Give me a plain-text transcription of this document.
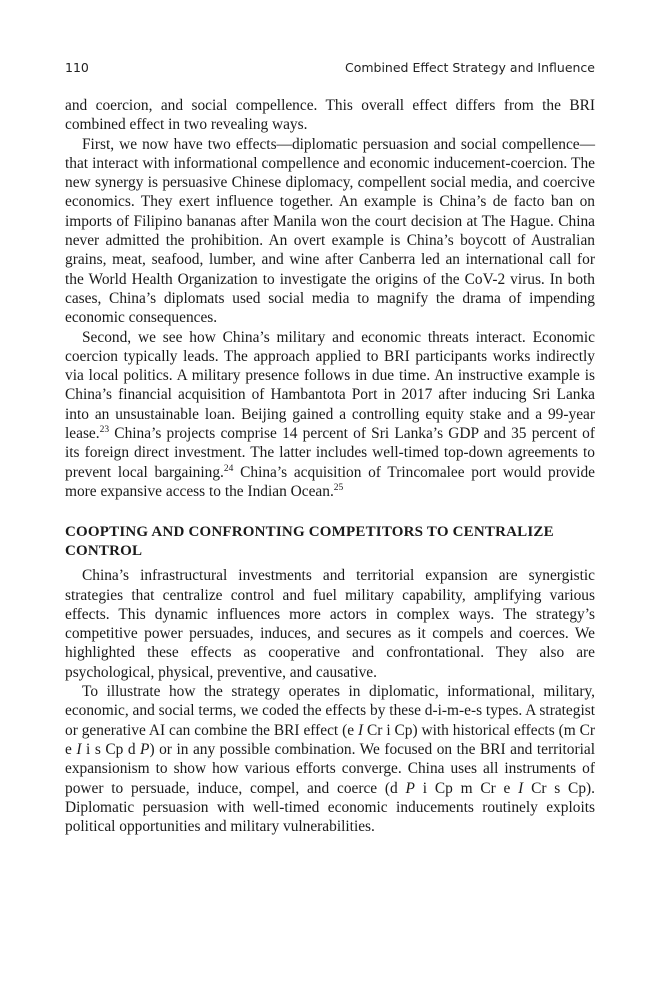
110	Combined Effect Strategy and Influence

and coercion, and social compellence. This overall effect differs from the BRI combined effect in two revealing ways.

First, we now have two effects—diplomatic persuasion and social compellence—that interact with informational compellence and economic inducement-coercion. The new synergy is persuasive Chinese diplomacy, compellent social media, and coercive economics. They exert influence together. An example is China’s de facto ban on imports of Filipino bananas after Manila won the court decision at The Hague. China never admitted the prohibition. An overt example is China’s boycott of Australian grains, meat, seafood, lumber, and wine after Canberra led an international call for the World Health Organization to investigate the origins of the CoV-2 virus. In both cases, China’s diplomats used social media to magnify the drama of impending economic consequences.

Second, we see how China’s military and economic threats interact. Economic coercion typically leads. The approach applied to BRI participants works indirectly via local politics. A military presence follows in due time. An instructive example is China’s financial acquisition of Hambantota Port in 2017 after inducing Sri Lanka into an unsustainable loan. Beijing gained a controlling equity stake and a 99-year lease.$^{23}$ China’s projects comprise 14 percent of Sri Lanka’s GDP and 35 percent of its foreign direct investment. The latter includes well-timed top-down agreements to prevent local bargaining.$^{24}$ China’s acquisition of Trincomalee port would provide more expansive access to the Indian Ocean.$^{25}$

COOPTING AND CONFRONTING COMPETITORS TO CENTRALIZE CONTROL

China’s infrastructural investments and territorial expansion are synergistic strategies that centralize control and fuel military capability, amplifying various effects. This dynamic influences more actors in complex ways. The strategy’s competitive power persuades, induces, and secures as it compels and coerces. We highlighted these effects as cooperative and confrontational. They also are psychological, physical, preventive, and causative.

To illustrate how the strategy operates in diplomatic, informational, military, economic, and social terms, we coded the effects by these d-i-m-e-s types. A strategist or generative AI can combine the BRI effect (e I Cr i Cp) with historical effects (m Cr e I i s Cp d P) or in any possible combination. We focused on the BRI and territorial expansionism to show how various efforts converge. China uses all instruments of power to persuade, induce, compel, and coerce (d P i Cp m Cr e I Cr s Cp). Diplomatic persuasion with well-timed economic inducements routinely exploits political opportunities and military vulnerabilities.
